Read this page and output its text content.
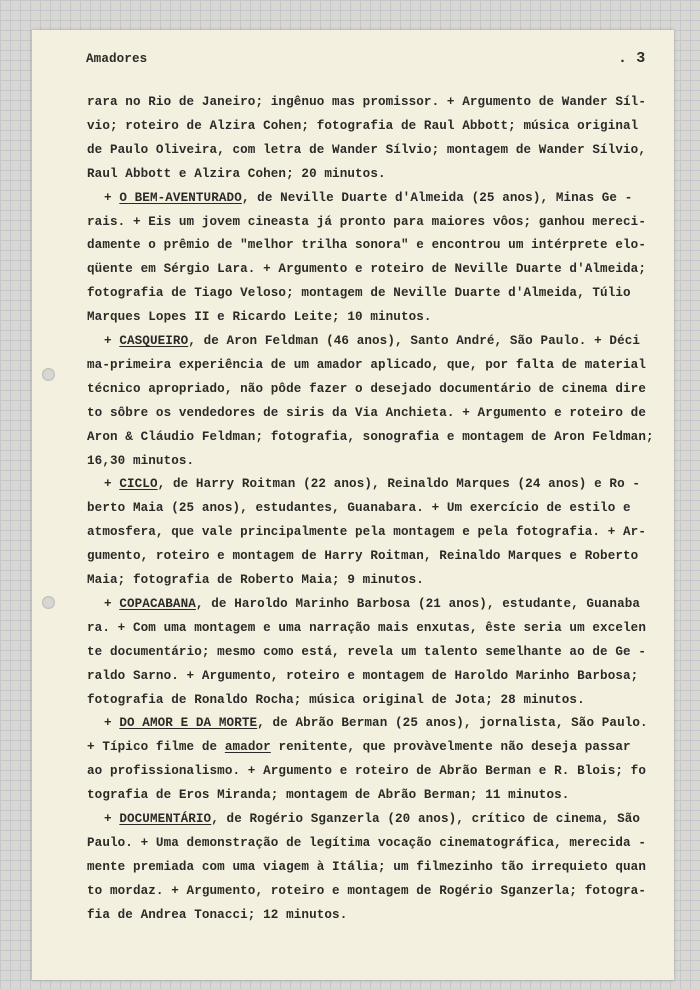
Amadores	. 3
rara no Rio de Janeiro; ingênuo mas promissor. + Argumento de Wander Síl-
vio; roteiro de Alzira Cohen; fotografia de Raul Abbott; música original
de Paulo Oliveira, com letra de Wander Sílvio; montagem de Wander Sílvio,
Raul Abbott e Alzira Cohen; 20 minutos.
+ O BEM-AVENTURADO, de Neville Duarte d'Almeida (25 anos), Minas Ge -
rais. + Eis um jovem cineasta já pronto para maiores vôos; ganhou mereci-
damente o prêmio de "melhor trilha sonora" e encontrou um intérprete elo-
qüente em Sérgio Lara. + Argumento e roteiro de Neville Duarte d'Almeida;
fotografia de Tiago Veloso; montagem de Neville Duarte d'Almeida, Túlio
Marques Lopes II e Ricardo Leite; 10 minutos.
+ CASQUEIRO, de Aron Feldman (46 anos), Santo André, São Paulo. + Déci
ma-primeira experiência de um amador aplicado, que, por falta de material
técnico apropriado, não pôde fazer o desejado documentário de cinema dire
to sôbre os vendedores de siris da Via Anchieta. + Argumento e roteiro de
Aron & Cláudio Feldman; fotografia, sonografia e montagem de Aron Feldman;
16,30 minutos.
+ CICLO, de Harry Roitman (22 anos), Reinaldo Marques (24 anos) e Ro -
berto Maia (25 anos), estudantes, Guanabara. + Um exercício de estilo e
atmosfera, que vale principalmente pela montagem e pela fotografia. + Ar-
gumento, roteiro e montagem de Harry Roitman, Reinaldo Marques e Roberto
Maia; fotografia de Roberto Maia; 9 minutos.
+ COPACABANA, de Haroldo Marinho Barbosa (21 anos), estudante, Guanaba
ra. + Com uma montagem e uma narração mais enxutas, êste seria um excelen
te documentário; mesmo como está, revela um talento semelhante ao de Ge -
raldo Sarno. + Argumento, roteiro e montagem de Haroldo Marinho Barbosa;
fotografia de Ronaldo Rocha; música original de Jota; 28 minutos.
+ DO AMOR E DA MORTE, de Abrão Berman (25 anos), jornalista, São Paulo.
+ Típico filme de amador renitente, que provàvelmente não deseja passar
ao profissionalismo. + Argumento e roteiro de Abrão Berman e R. Blois; fo
tografia de Eros Miranda; montagem de Abrão Berman; 11 minutos.
+ DOCUMENTÁRIO, de Rogério Sganzerla (20 anos), crítico de cinema, São
Paulo. + Uma demonstração de legítima vocação cinematográfica, merecida -
mente premiada com uma viagem à Itália; um filmezinho tão irrequieto quan
to mordaz. + Argumento, roteiro e montagem de Rogério Sganzerla; fotogra-
fia de Andrea Tonacci; 12 minutos.
